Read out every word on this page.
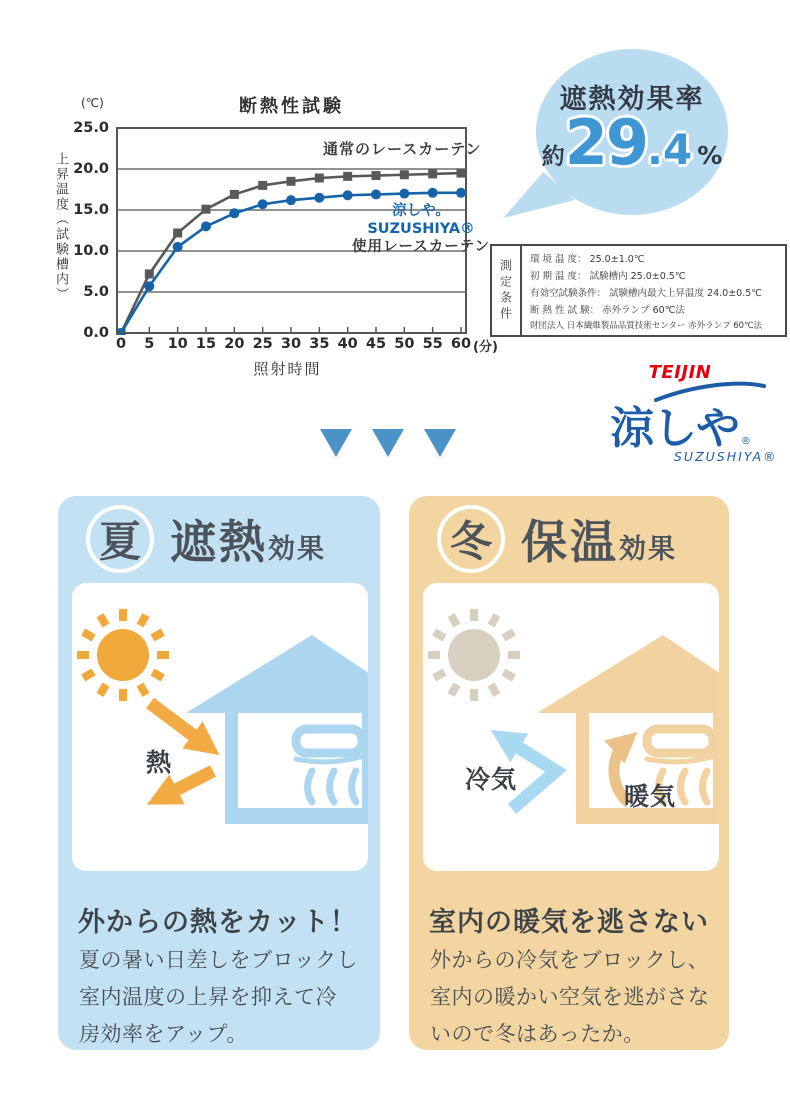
断熱性試験
(℃)
上昇温度（試験槽内）
通常のレースカーテン
涼しや。SUZUSHIYA®
使用レースカーテン
0 5 10 15 20 25 30 35 40 45 50 55 60 (分)
0.0
5.0
10.0
15.0
20.0
25.0
照射時間
遮熱効果率
約 29 .4 %
測定条件	環 境 温 度： 25.0±1.0℃
初 期 温 度： 試験槽内 25.0±0.5℃
有効空試験条件： 試験槽内最大上昇温度 24.0±0.5℃
断 熱 性 試 験： 赤外ランプ 60℃法
財団法人 日本繊維製品品質技術センター 赤外ランプ 60℃法
TEIJIN
涼しや ®
SUZUSHIYA®
夏 遮熱 効果
熱
外からの熱をカット！
夏の暑い日差しをブロックし
室内温度の上昇を抑えて冷
房効率をアップ。
冬 保温 効果
冷気
暖気
室内の暖気を逃さない
外からの冷気をブロックし、
室内の暖かい空気を逃がさな
いので冬はあったか。
